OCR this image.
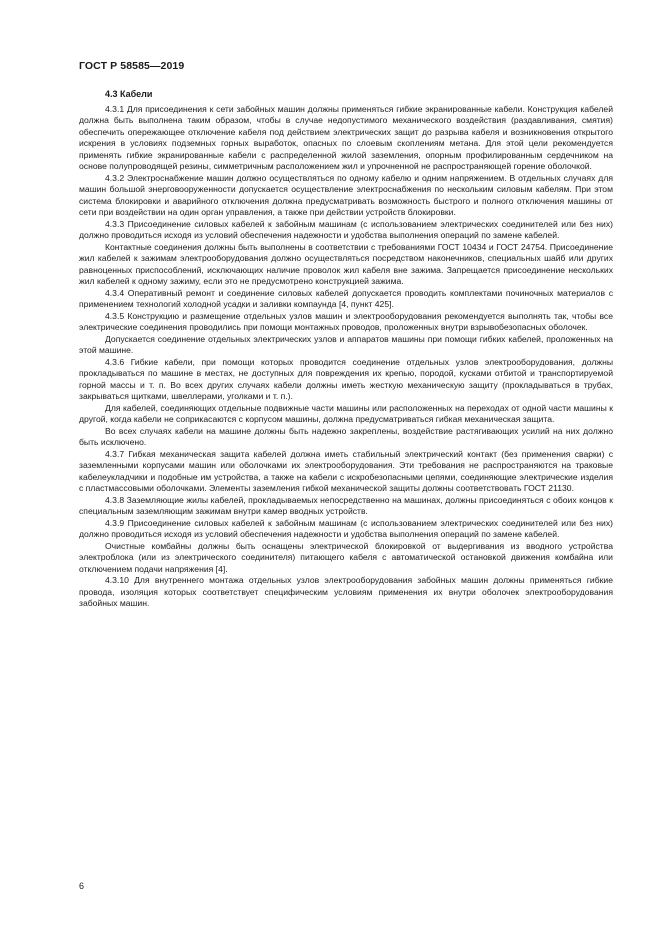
ГОСТ Р 58585—2019
4.3 Кабели

4.3.1 Для присоединения к сети забойных машин должны применяться гибкие экранированные кабели. Конструкция кабелей должна быть выполнена таким образом, чтобы в случае недопустимого механического воздействия (раздавливания, смятия) обеспечить опережающее отключение кабеля под действием электрических защит до разрыва кабеля и возникновения открытого искрения в условиях подземных горных выработок, опасных по слоевым скоплениям метана. Для этой цели рекомендуется применять гибкие экранированные кабели с распределенной жилой заземления, опорным профилированным сердечником на основе полупроводящей резины, симметричным расположением жил и упрочненной не распространяющей горение оболочкой.

4.3.2 Электроснабжение машин должно осуществляться по одному кабелю и одним напряжением. В отдельных случаях для машин большой энерговооруженности допускается осуществление электроснабжения по нескольким силовым кабелям. При этом система блокировки и аварийного отключения должна предусматривать возможность быстрого и полного отключения машины от сети при воздействии на один орган управления, а также при действии устройств блокировки.

4.3.3 Присоединение силовых кабелей к забойным машинам (с использованием электрических соединителей или без них) должно проводиться исходя из условий обеспечения надежности и удобства выполнения операций по замене кабелей.

Контактные соединения должны быть выполнены в соответствии с требованиями ГОСТ 10434 и ГОСТ 24754. Присоединение жил кабелей к зажимам электрооборудования должно осуществляться посредством наконечников, специальных шайб или других равноценных приспособлений, исключающих наличие проволок жил кабеля вне зажима. Запрещается присоединение нескольких жил кабелей к одному зажиму, если это не предусмотрено конструкцией зажима.

4.3.4 Оперативный ремонт и соединение силовых кабелей допускается проводить комплектами починочных материалов с применением технологий холодной усадки и заливки компаунда [4, пункт 425].

4.3.5 Конструкцию и размещение отдельных узлов машин и электрооборудования рекомендуется выполнять так, чтобы все электрические соединения проводились при помощи монтажных проводов, проложенных внутри взрывобезопасных оболочек.

Допускается соединение отдельных электрических узлов и аппаратов машины при помощи гибких кабелей, проложенных на этой машине.

4.3.6 Гибкие кабели, при помощи которых проводится соединение отдельных узлов электрооборудования, должны прокладываться по машине в местах, не доступных для повреждения их крепью, породой, кусками отбитой и транспортируемой горной массы и т. п. Во всех других случаях кабели должны иметь жесткую механическую защиту (прокладываться в трубах, закрываться щитками, швеллерами, уголками и т. п.).

Для кабелей, соединяющих отдельные подвижные части машины или расположенных на переходах от одной части машины к другой, когда кабели не соприкасаются с корпусом машины, должна предусматриваться гибкая механическая защита.

Во всех случаях кабели на машине должны быть надежно закреплены, воздействие растягивающих усилий на них должно быть исключено.

4.3.7 Гибкая механическая защита кабелей должна иметь стабильный электрический контакт (без применения сварки) с заземленными корпусами машин или оболочками их электрооборудования. Эти требования не распространяются на траковые кабелеукладчики и подобные им устройства, а также на кабели с искробезопасными цепями, соединяющие электрические изделия с пластмассовыми оболочками. Элементы заземления гибкой механической защиты должны соответствовать ГОСТ 21130.

4.3.8 Заземляющие жилы кабелей, прокладываемых непосредственно на машинах, должны присоединяться с обоих концов к специальным заземляющим зажимам внутри камер вводных устройств.

4.3.9 Присоединение силовых кабелей к забойным машинам (с использованием электрических соединителей или без них) должно проводиться исходя из условий обеспечения надежности и удобства выполнения операций по замене кабелей.

Очистные комбайны должны быть оснащены электрической блокировкой от выдергивания из вводного устройства электроблока (или из электрического соединителя) питающего кабеля с автоматической остановкой движения комбайна или отключением подачи напряжения [4].

4.3.10 Для внутреннего монтажа отдельных узлов электрооборудования забойных машин должны применяться гибкие провода, изоляция которых соответствует специфическим условиям применения их внутри оболочек электрооборудования забойных машин.

6
